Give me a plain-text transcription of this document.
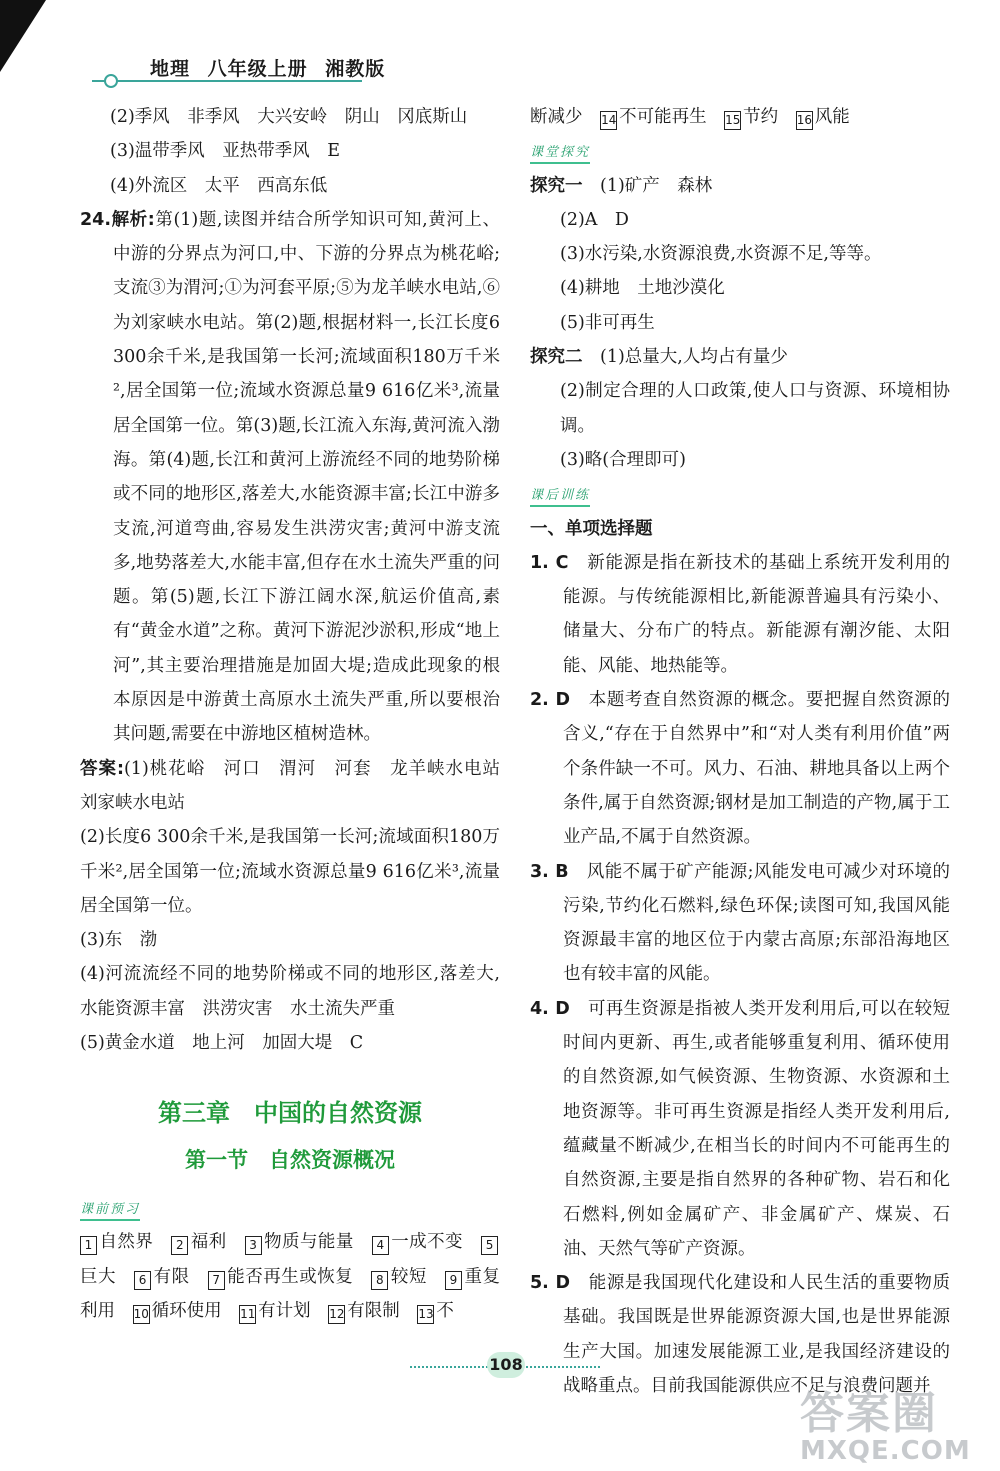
地理 八年级上册 湘教版

(2)季风　非季风　大兴安岭　阴山　冈底斯山

(3)温带季风　亚热带季风　E

(4)外流区　太平　西高东低

24.解析:第(1)题,读图并结合所学知识可知,黄河上、中游的分界点为河口,中、下游的分界点为桃花峪;支流③为渭河;①为河套平原;⑤为龙羊峡水电站,⑥为刘家峡水电站。第(2)题,根据材料一,长江长度6 300余千米,是我国第一长河;流域面积180万千米²,居全国第一位;流域水资源总量9 616亿米³,流量居全国第一位。第(3)题,长江流入东海,黄河流入渤海。第(4)题,长江和黄河上游流经不同的地势阶梯或不同的地形区,落差大,水能资源丰富;长江中游多支流,河道弯曲,容易发生洪涝灾害;黄河中游支流多,地势落差大,水能丰富,但存在水土流失严重的问题。第(5)题,长江下游江阔水深,航运价值高,素有“黄金水道”之称。黄河下游泥沙淤积,形成“地上河”,其主要治理措施是加固大堤;造成此现象的根本原因是中游黄土高原水土流失严重,所以要根治其问题,需要在中游地区植树造林。

答案:(1)桃花峪　河口　渭河　河套　龙羊峡水电站　刘家峡水电站

(2)长度6 300余千米,是我国第一长河;流域面积180万千米²,居全国第一位;流域水资源总量9 616亿米³,流量居全国第一位。

(3)东　渤

(4)河流流经不同的地势阶梯或不同的地形区,落差大,水能资源丰富　洪涝灾害　水土流失严重

(5)黄金水道　地上河　加固大堤　C

第三章　中国的自然资源
第一节　自然资源概况
课前预习

1 自然界 2 福利 3 物质与能量 4 一成不变 5巨大 6 有限 7 能否再生或恢复 8 较短 9 重复利用 10 循环使用 11 有计划 12 有限制 13 不

断减少 14 不可能再生 15 节约 16 风能

课堂探究

探究一　 (1)矿产　森林

(2)A　D

(3)水污染,水资源浪费,水资源不足,等等。

(4)耕地　土地沙漠化

(5)非可再生

探究二　 (1)总量大,人均占有量少

(2)制定合理的人口政策,使人口与资源、环境相协调。

(3)略(合理即可)

课后训练

一、单项选择题

1. C　 新能源是指在新技术的基础上系统开发利用的能源。与传统能源相比,新能源普遍具有污染小、储量大、分布广的特点。新能源有潮汐能、太阳能、风能、地热能等。

2. D　 本题考查自然资源的概念。要把握自然资源的含义,“存在于自然界中”和“对人类有利用价值”两个条件缺一不可。风力、石油、耕地具备以上两个条件,属于自然资源;钢材是加工制造的产物,属于工业产品,不属于自然资源。

3. B　 风能不属于矿产能源;风能发电可减少对环境的污染,节约化石燃料,绿色环保;读图可知,我国风能资源最丰富的地区位于内蒙古高原;东部沿海地区也有较丰富的风能。

4. D　 可再生资源是指被人类开发利用后,可以在较短时间内更新、再生,或者能够重复利用、循环使用的自然资源,如气候资源、生物资源、水资源和土地资源等。非可再生资源是指经人类开发利用后,蕴藏量不断减少,在相当长的时间内不可能再生的自然资源,主要是指自然界的各种矿物、岩石和化石燃料,例如金属矿产、非金属矿产、煤炭、石油、天然气等矿产资源。

5. D　 能源是我国现代化建设和人民生活的重要物质基础。我国既是世界能源资源大国,也是世界能源生产大国。加速发展能源工业,是我国经济建设的战略重点。目前我国能源供应不足与浪费问题并

108
答案圈
MXQE.COM
